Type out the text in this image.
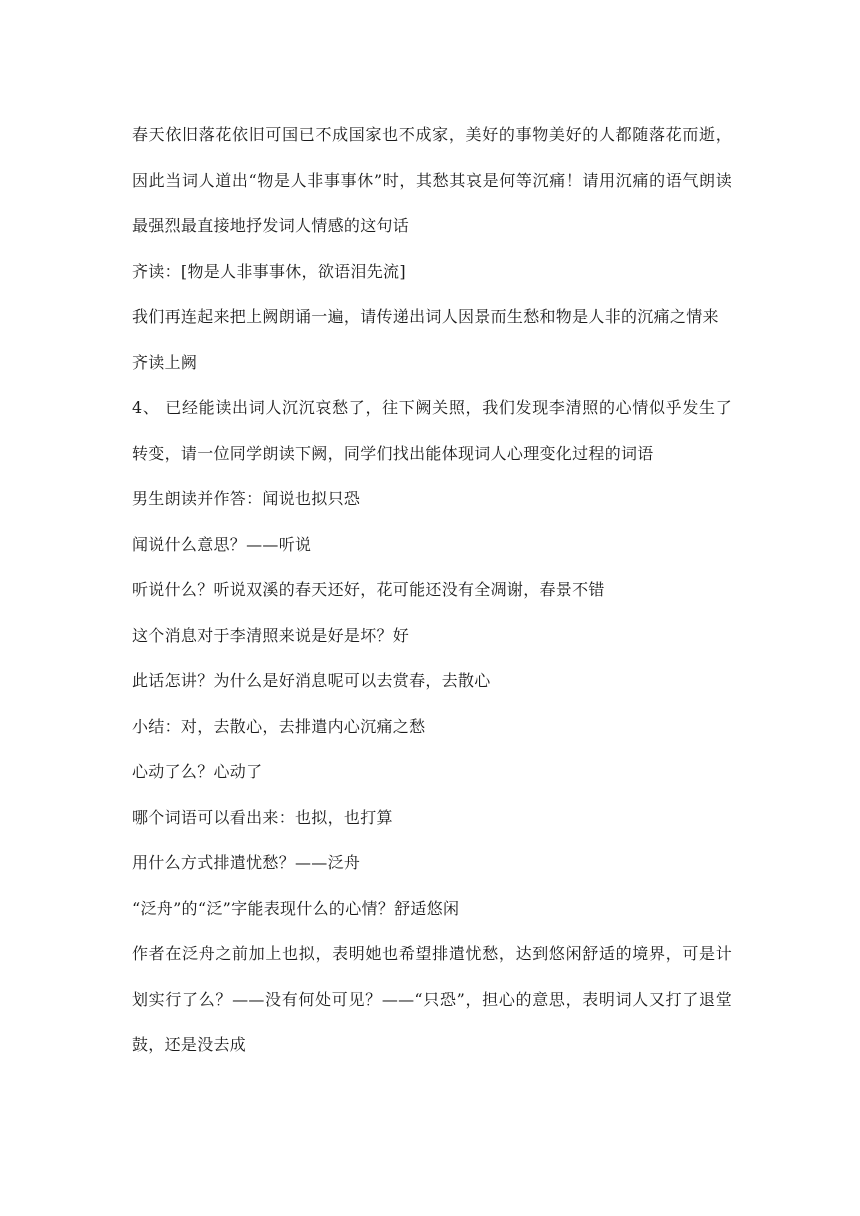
春天依旧落花依旧可国已不成国家也不成家，美好的事物美好的人都随落花而逝，因此当词人道出“物是人非事事休”时，其愁其哀是何等沉痛！请用沉痛的语气朗读最强烈最直接地抒发词人情感的这句话

齐读：[物是人非事事休，欲语泪先流]

我们再连起来把上阙朗诵一遍，请传递出词人因景而生愁和物是人非的沉痛之情来

齐读上阙

4、 已经能读出词人沉沉哀愁了，往下阙关照，我们发现李清照的心情似乎发生了转变，请一位同学朗读下阙，同学们找出能体现词人心理变化过程的词语

男生朗读并作答：闻说也拟只恐

闻说什么意思？——听说

听说什么？听说双溪的春天还好，花可能还没有全凋谢，春景不错

这个消息对于李清照来说是好是坏？好

此话怎讲？为什么是好消息呢可以去赏春，去散心

小结：对，去散心，去排遣内心沉痛之愁

心动了么？心动了

哪个词语可以看出来：也拟，也打算

用什么方式排遣忧愁？——泛舟

“泛舟”的“泛”字能表现什么的心情？舒适悠闲

作者在泛舟之前加上也拟，表明她也希望排遣忧愁，达到悠闲舒适的境界，可是计划实行了么？——没有何处可见？——“只恐”，担心的意思，表明词人又打了退堂鼓，还是没去成
